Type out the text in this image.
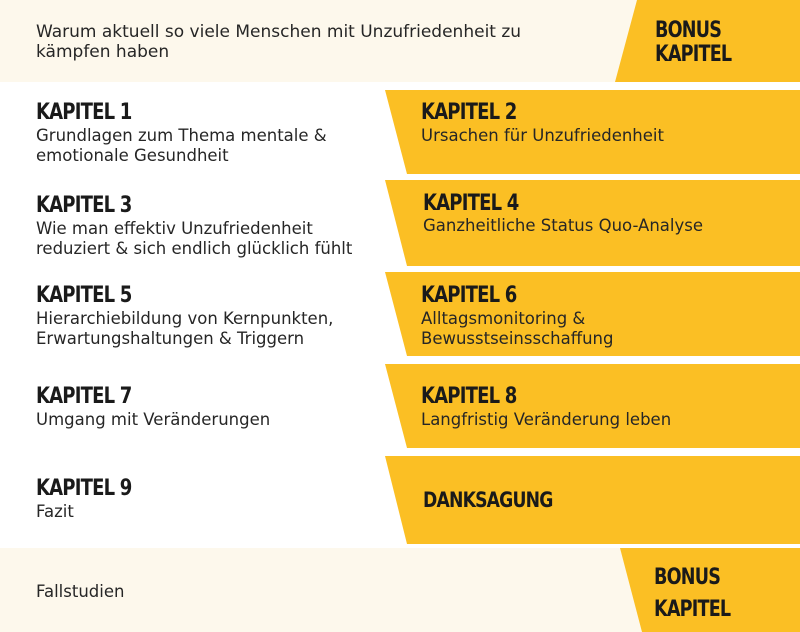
Warum aktuell so viele Menschen mit Unzufriedenheit zu kämpfen haben

BONUS
KAPITEL
KAPITEL 1

Grundlagen zum Thema mentale & emotionale Gesundheit

KAPITEL 2

Ursachen für Unzufriedenheit

KAPITEL 3

Wie man effektiv Unzufriedenheit reduziert & sich endlich glücklich fühlt

KAPITEL 4

Ganzheitliche Status Quo-Analyse

KAPITEL 5

Hierarchiebildung von Kernpunkten, Erwartungshaltungen & Triggern

KAPITEL 6

Alltagsmonitoring & Bewusstseinsschaffung

KAPITEL 7

Umgang mit Veränderungen

KAPITEL 8

Langfristig Veränderung leben

KAPITEL 9

Fazit	DANKSAGUNG

Fallstudien

BONUS
KAPITEL
